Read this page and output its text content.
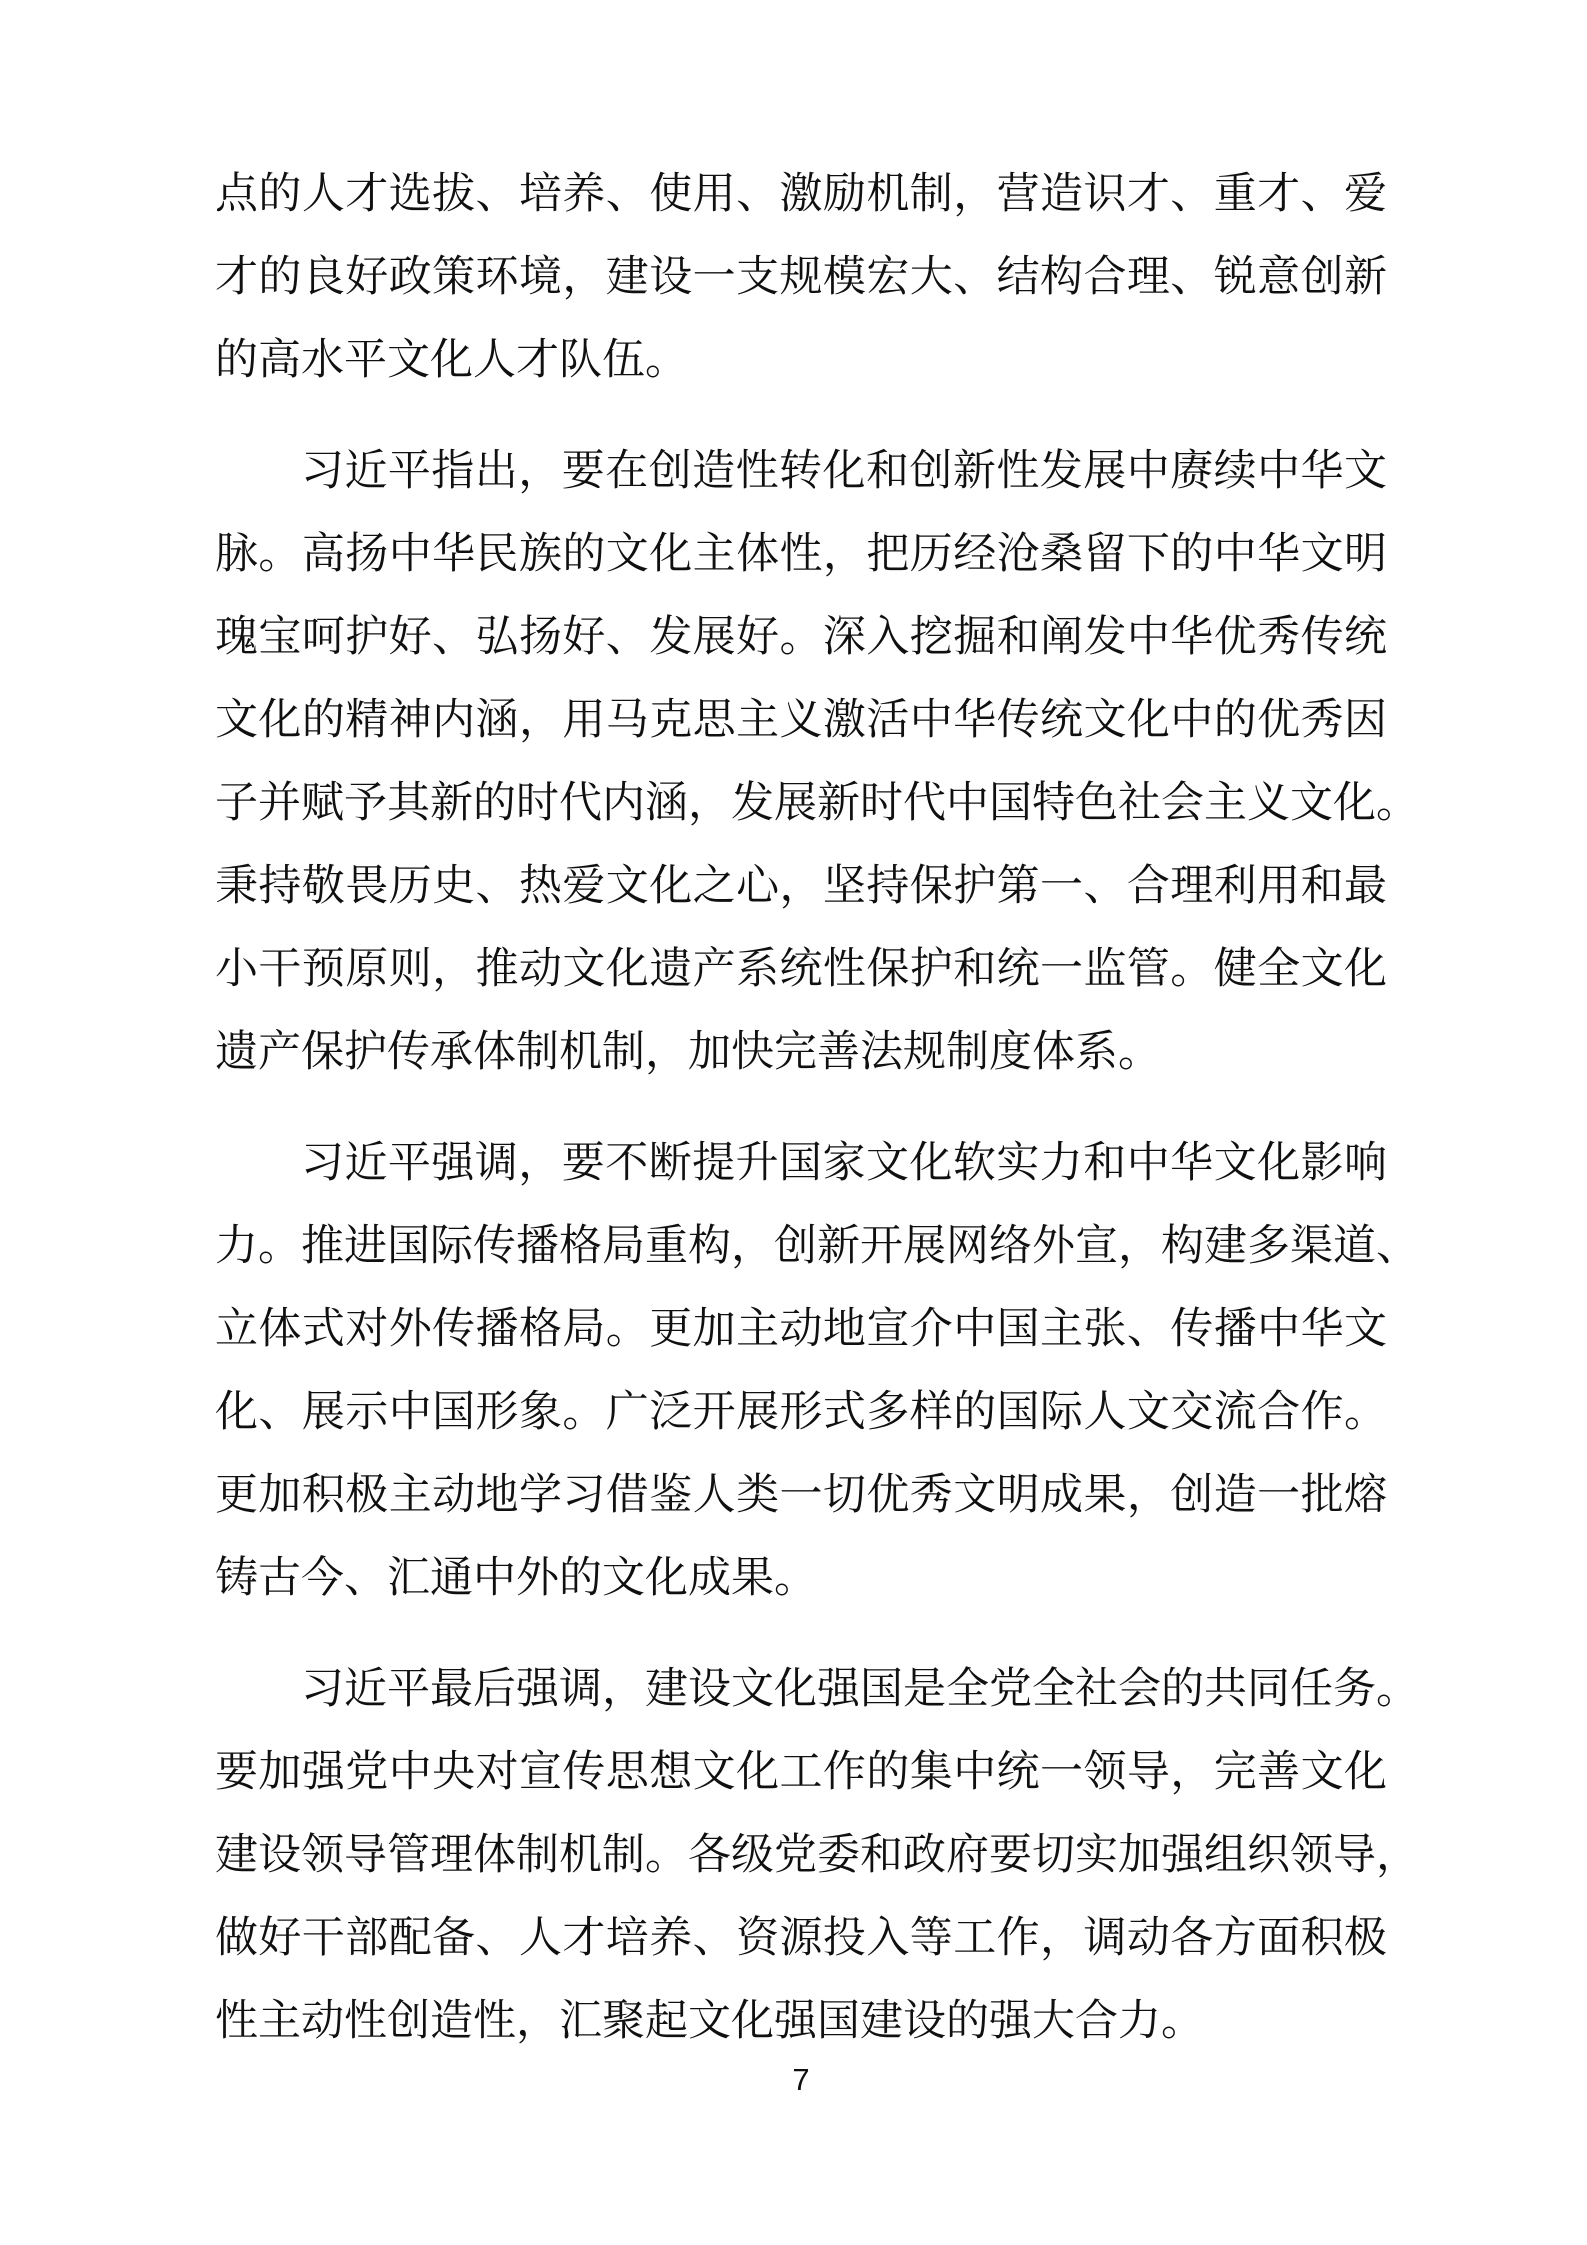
点的人才选拔、培养、使用、激励机制，营造识才、重才、爱
才的良好政策环境，建设一支规模宏大、结构合理、锐意创新
的高水平文化人才队伍。
习近平指出，要在创造性转化和创新性发展中赓续中华文
脉。高扬中华民族的文化主体性，把历经沧桑留下的中华文明
瑰宝呵护好、弘扬好、发展好。深入挖掘和阐发中华优秀传统
文化的精神内涵，用马克思主义激活中华传统文化中的优秀因
子并赋予其新的时代内涵，发展新时代中国特色社会主义文化。
秉持敬畏历史、热爱文化之心，坚持保护第一、合理利用和最
小干预原则，推动文化遗产系统性保护和统一监管。健全文化
遗产保护传承体制机制，加快完善法规制度体系。
习近平强调，要不断提升国家文化软实力和中华文化影响
力。推进国际传播格局重构，创新开展网络外宣，构建多渠道、
立体式对外传播格局。更加主动地宣介中国主张、传播中华文
化、展示中国形象。广泛开展形式多样的国际人文交流合作。
更加积极主动地学习借鉴人类一切优秀文明成果，创造一批熔
铸古今、汇通中外的文化成果。
习近平最后强调，建设文化强国是全党全社会的共同任务。
要加强党中央对宣传思想文化工作的集中统一领导，完善文化
建设领导管理体制机制。各级党委和政府要切实加强组织领导，
做好干部配备、人才培养、资源投入等工作，调动各方面积极
性主动性创造性，汇聚起文化强国建设的强大合力。
7
